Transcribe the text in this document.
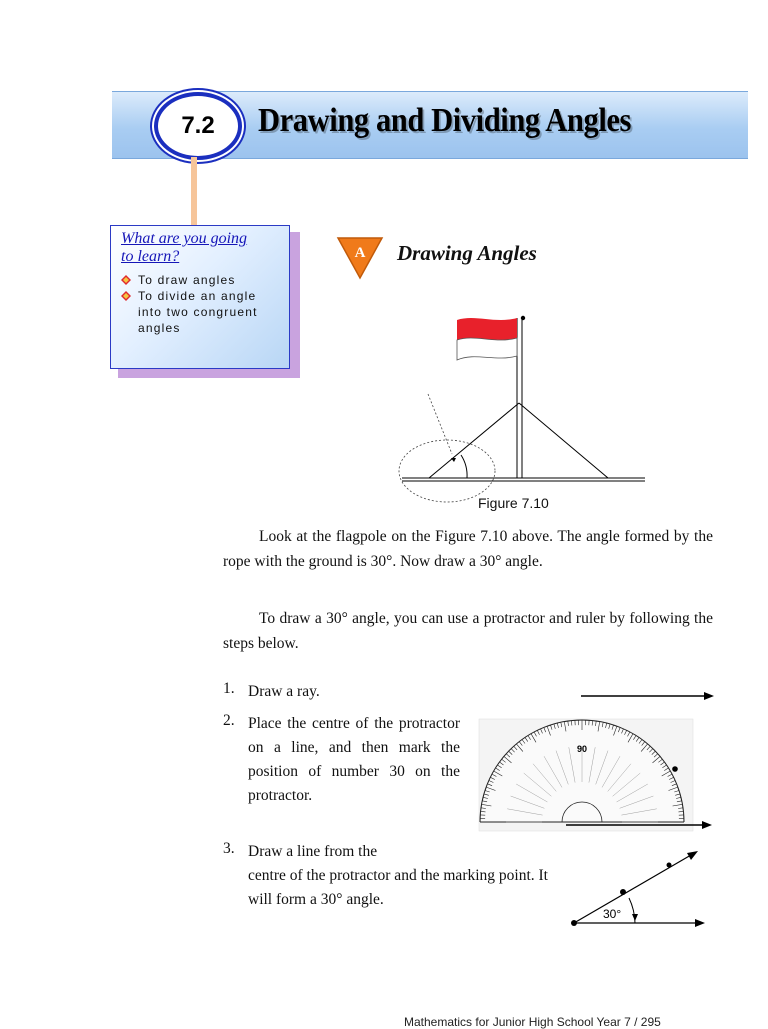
7.2 Drawing and Dividing Angles
What are you going
to learn?
To draw angles
To divide an angle into two congruent angles
A Drawing Angles
Figure 7.10

Look at the flagpole on the Figure 7.10 above. The angle formed by the rope with the ground is 30°. Now draw a 30° angle.

To draw a 30° angle, you can use a protractor and ruler by following the steps below.

1. Draw a ray.
2. Place the centre of the protractor on a line, and then mark the position of number 30 on the protractor.
3. Draw a line from the
centre of the protractor and the marking point. It will form a 30° angle.
90
30°
Mathematics for Junior High School Year 7 / 295
